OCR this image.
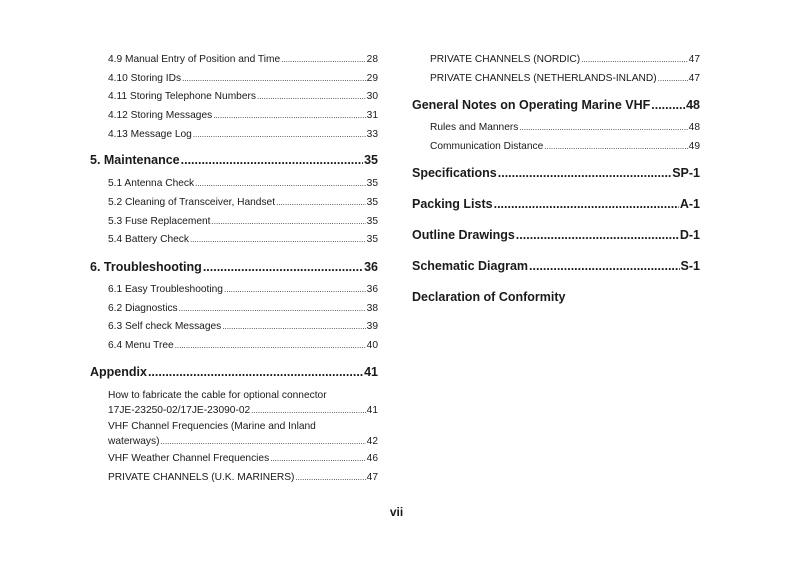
4.9 Manual Entry of Position and Time .....	28
4.10 Storing IDs .....	29
4.11 Storing Telephone Numbers .....	30
4.12 Storing Messages .....	31
4.13 Message Log .....	33
5. Maintenance .....	35
5.1 Antenna Check .....	35
5.2 Cleaning of Transceiver, Handset .....	35
5.3 Fuse Replacement .....	35
5.4 Battery Check .....	35
6. Troubleshooting .....	36
6.1 Easy Troubleshooting .....	36
6.2 Diagnostics .....	38
6.3 Self check Messages .....	39
6.4 Menu Tree .....	40
Appendix .....	41
How to fabricate the cable for optional connector
17JE-23250-02/17JE-23090-02 .....	41
VHF Channel Frequencies (Marine and Inland
waterways) .....	42
VHF Weather Channel Frequencies .....	46
PRIVATE CHANNELS (U.K. MARINERS) .....	47
PRIVATE CHANNELS (NORDIC) .....	47
PRIVATE CHANNELS (NETHERLANDS-INLAND) .....	47
General Notes on Operating Marine VHF .....	48
Rules and Manners .....	48
Communication Distance .....	49
Specifications .....	SP-1
Packing Lists .....	A-1
Outline Drawings .....	D-1
Schematic Diagram .....	S-1
Declaration of Conformity
vii
